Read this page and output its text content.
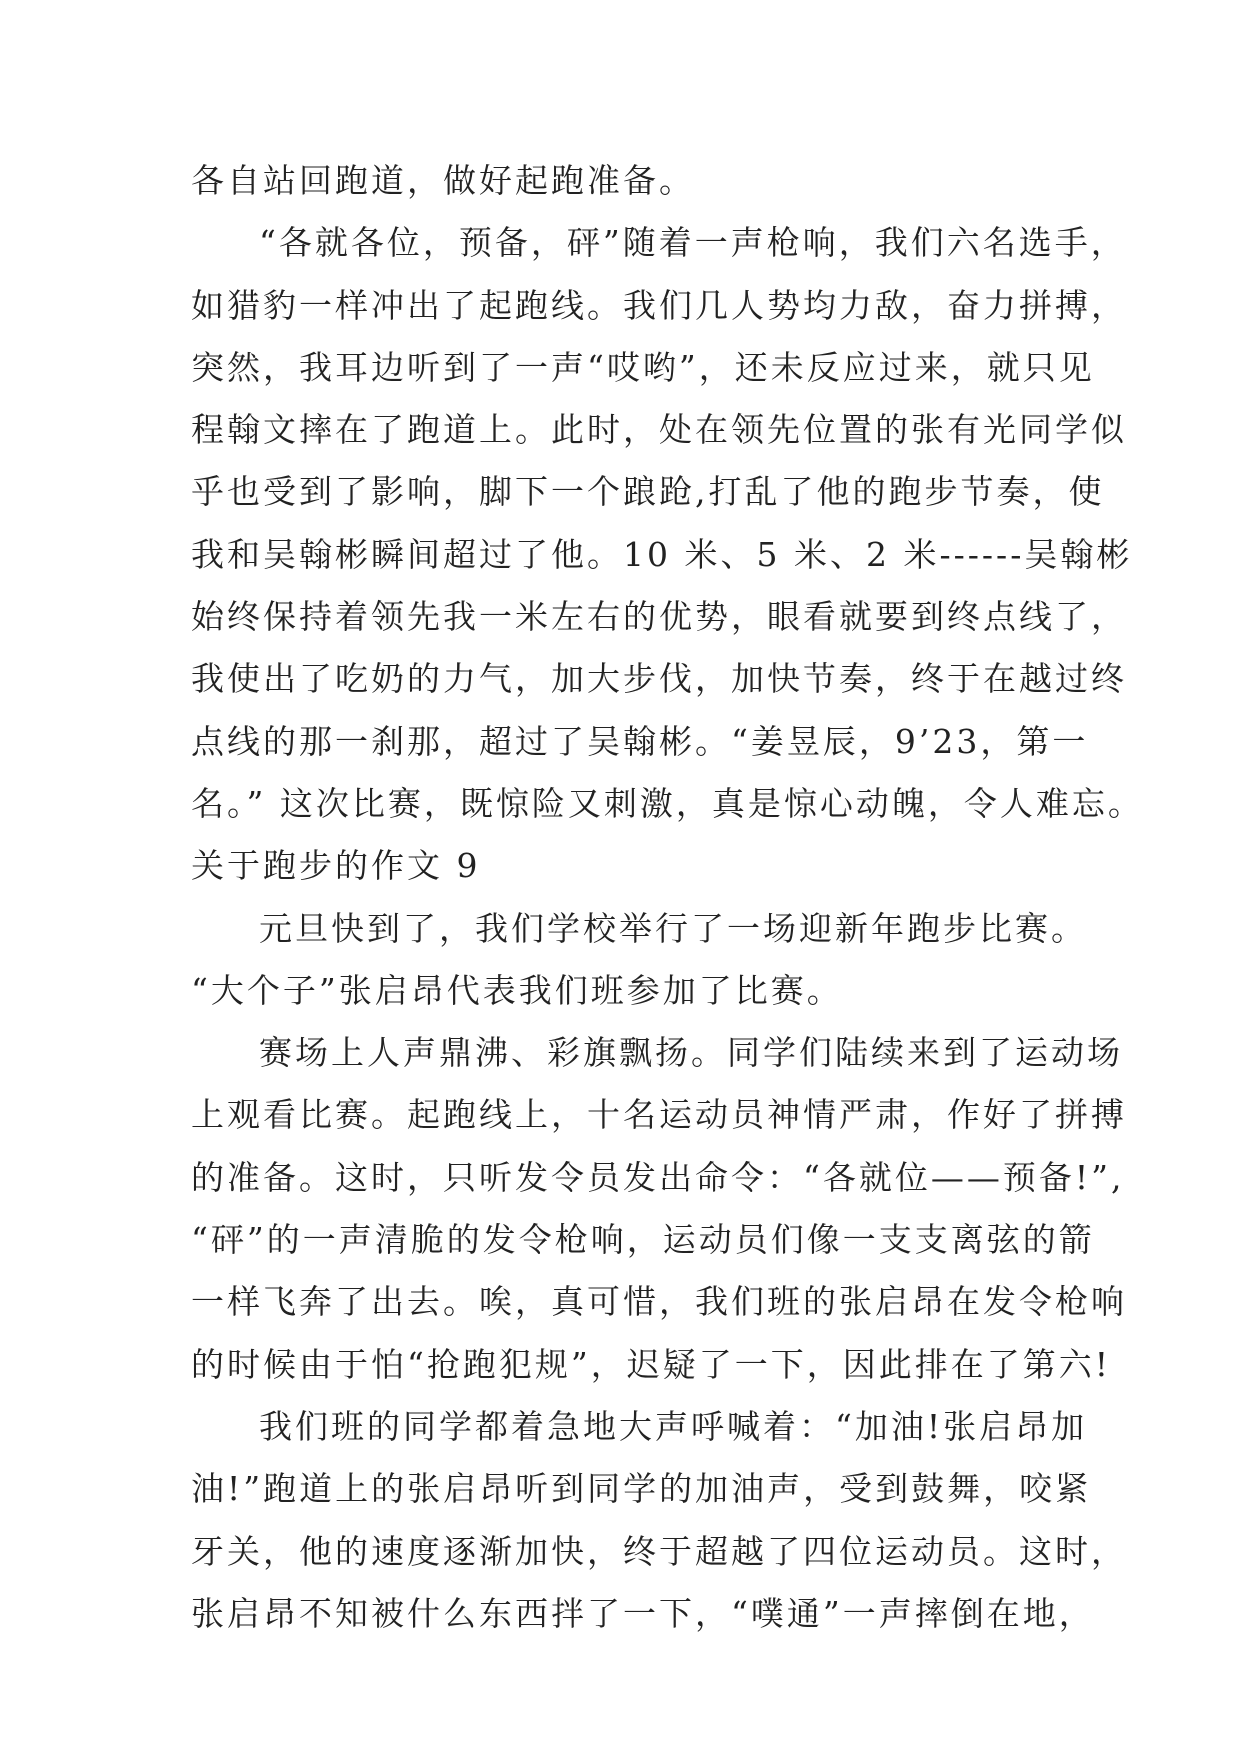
各自站回跑道，做好起跑准备。
“各就各位，预备，砰”随着一声枪响，我们六名选手，
如猎豹一样冲出了起跑线。我们几人势均力敌，奋力拼搏，
突然，我耳边听到了一声“哎哟”，还未反应过来，就只见
程翰文摔在了跑道上。此时，处在领先位置的张有光同学似
乎也受到了影响，脚下一个踉跄,打乱了他的跑步节奏，使
我和吴翰彬瞬间超过了他。10 米、5 米、2 米------吴翰彬
始终保持着领先我一米左右的优势，眼看就要到终点线了，
我使出了吃奶的力气，加大步伐，加快节奏，终于在越过终
点线的那一刹那，超过了吴翰彬。“姜昱辰，9’23，第一
名。” 这次比赛，既惊险又刺激，真是惊心动魄，令人难忘。
关于跑步的作文 9
元旦快到了，我们学校举行了一场迎新年跑步比赛。
“大个子”张启昂代表我们班参加了比赛。
赛场上人声鼎沸、彩旗飘扬。同学们陆续来到了运动场
上观看比赛。起跑线上，十名运动员神情严肃，作好了拼搏
的准备。这时，只听发令员发出命令：“各就位——预备!”,
“砰”的一声清脆的发令枪响，运动员们像一支支离弦的箭
一样飞奔了出去。唉，真可惜，我们班的张启昂在发令枪响
的时候由于怕“抢跑犯规”，迟疑了一下，因此排在了第六!
我们班的同学都着急地大声呼喊着：“加油!张启昂加
油!”跑道上的张启昂听到同学的加油声，受到鼓舞，咬紧
牙关，他的速度逐渐加快，终于超越了四位运动员。这时，
张启昂不知被什么东西拌了一下，“噗通”一声摔倒在地，
